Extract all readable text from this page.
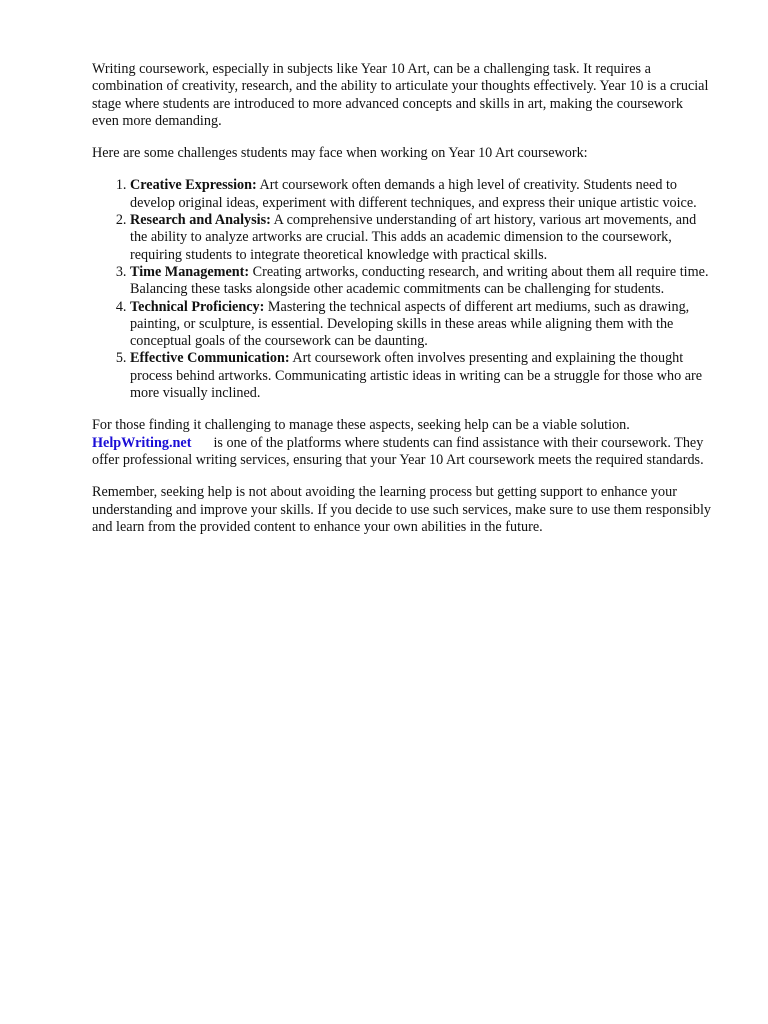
Writing coursework, especially in subjects like Year 10 Art, can be a challenging task. It requires a combination of creativity, research, and the ability to articulate your thoughts effectively. Year 10 is a crucial stage where students are introduced to more advanced concepts and skills in art, making the coursework even more demanding.

Here are some challenges students may face when working on Year 10 Art coursework:

1. Creative Expression: Art coursework often demands a high level of creativity. Students need to develop original ideas, experiment with different techniques, and express their unique artistic voice.
2. Research and Analysis: A comprehensive understanding of art history, various art movements, and the ability to analyze artworks are crucial. This adds an academic dimension to the coursework, requiring students to integrate theoretical knowledge with practical skills.
3. Time Management: Creating artworks, conducting research, and writing about them all require time. Balancing these tasks alongside other academic commitments can be challenging for students.
4. Technical Proficiency: Mastering the technical aspects of different art mediums, such as drawing, painting, or sculpture, is essential. Developing skills in these areas while aligning them with the conceptual goals of the coursework can be daunting.
5. Effective Communication: Art coursework often involves presenting and explaining the thought process behind artworks. Communicating artistic ideas in writing can be a struggle for those who are more visually inclined.

For those finding it challenging to manage these aspects, seeking help can be a viable solution. HelpWriting.net is one of the platforms where students can find assistance with their coursework. They offer professional writing services, ensuring that your Year 10 Art coursework meets the required standards.

Remember, seeking help is not about avoiding the learning process but getting support to enhance your understanding and improve your skills. If you decide to use such services, make sure to use them responsibly and learn from the provided content to enhance your own abilities in the future.
